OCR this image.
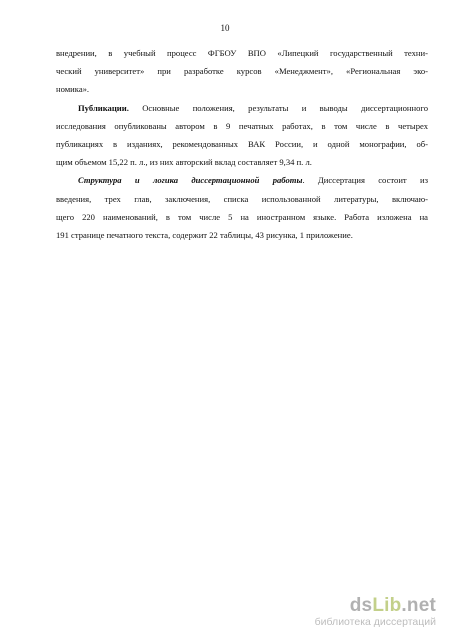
10
внедрении, в учебный процесс ФГБОУ ВПО «Липецкий государственный техни-
ческий университет» при разработке курсов «Менеджмент», «Региональная эко-
номика».
Публикации. Основные положения, результаты и выводы диссертационного
исследования опубликованы автором в 9 печатных работах, в том числе в четырех
публикациях в изданиях, рекомендованных ВАК России, и одной монографии, об-
щим объемом 15,22 п. л., из них авторский вклад составляет 9,34 п. л.
Структура и логика диссертационной работы. Диссертация состоит из
введения, трех глав, заключения, списка использованной литературы, включаю-
щего 220 наименований, в том числе 5 на иностранном языке. Работа изложена на
191 странице печатного текста, содержит 22 таблицы, 43 рисунка, 1 приложение.
dsLib.net
библиотека диссертаций
